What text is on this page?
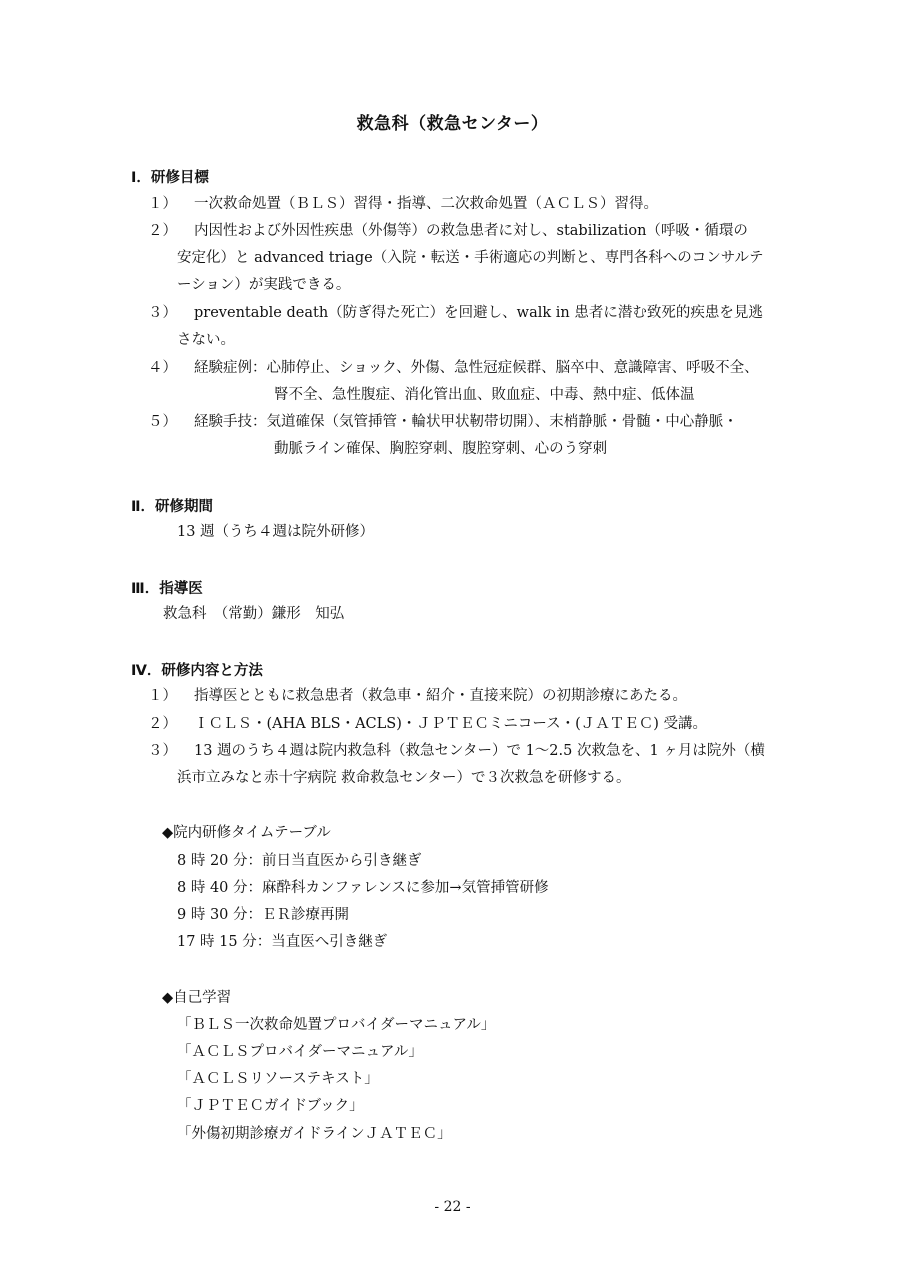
救急科（救急センター）
Ⅰ．研修目標
１） 一次救命処置（ＢＬＳ）習得・指導、二次救命処置（ＡＣＬＳ）習得。
２） 内因性および外因性疾患（外傷等）の救急患者に対し、stabilization（呼吸・循環の
安定化）と advanced triage（入院・転送・手術適応の判断と、専門各科へのコンサルテ
ーション）が実践できる。
３） preventable death（防ぎ得た死亡）を回避し、walk in 患者に潜む致死的疾患を見逃
さない。
４） 経験症例：心肺停止、ショック、外傷、急性冠症候群、脳卒中、意識障害、呼吸不全、
腎不全、急性腹症、消化管出血、敗血症、中毒、熱中症、低体温
５） 経験手技：気道確保（気管挿管・輪状甲状靭帯切開）、末梢静脈・骨髄・中心静脈・
動脈ライン確保、胸腔穿刺、腹腔穿刺、心のう穿刺
Ⅱ．研修期間
13 週（うち４週は院外研修）
Ⅲ．指導医
救急科　（常勤）鎌形　知弘
Ⅳ．研修内容と方法
１） 指導医とともに救急患者（救急車・紹介・直接来院）の初期診療にあたる。
２） ＩＣＬＳ・(AHA BLS・ACLS)・ＪＰＴＥＣミニコース・(ＪＡＴＥＣ) 受講。
３） 13 週のうち４週は院内救急科（救急センター）で 1～2.5 次救急を、1 ヶ月は院外（横
浜市立みなと赤十字病院 救命救急センター）で３次救急を研修する。
◆院内研修タイムテーブル
8 時 20 分：前日当直医から引き継ぎ
8 時 40 分：麻酔科カンファレンスに参加→気管挿管研修
9 時 30 分：ＥＲ診療再開
17 時 15 分：当直医へ引き継ぎ
◆自己学習
「ＢＬＳ一次救命処置プロバイダーマニュアル」
「ＡＣＬＳプロバイダーマニュアル」
「ＡＣＬＳリソーステキスト」
「ＪＰＴＥＣガイドブック」
「外傷初期診療ガイドラインＪＡＴＥＣ」
- 22 -
